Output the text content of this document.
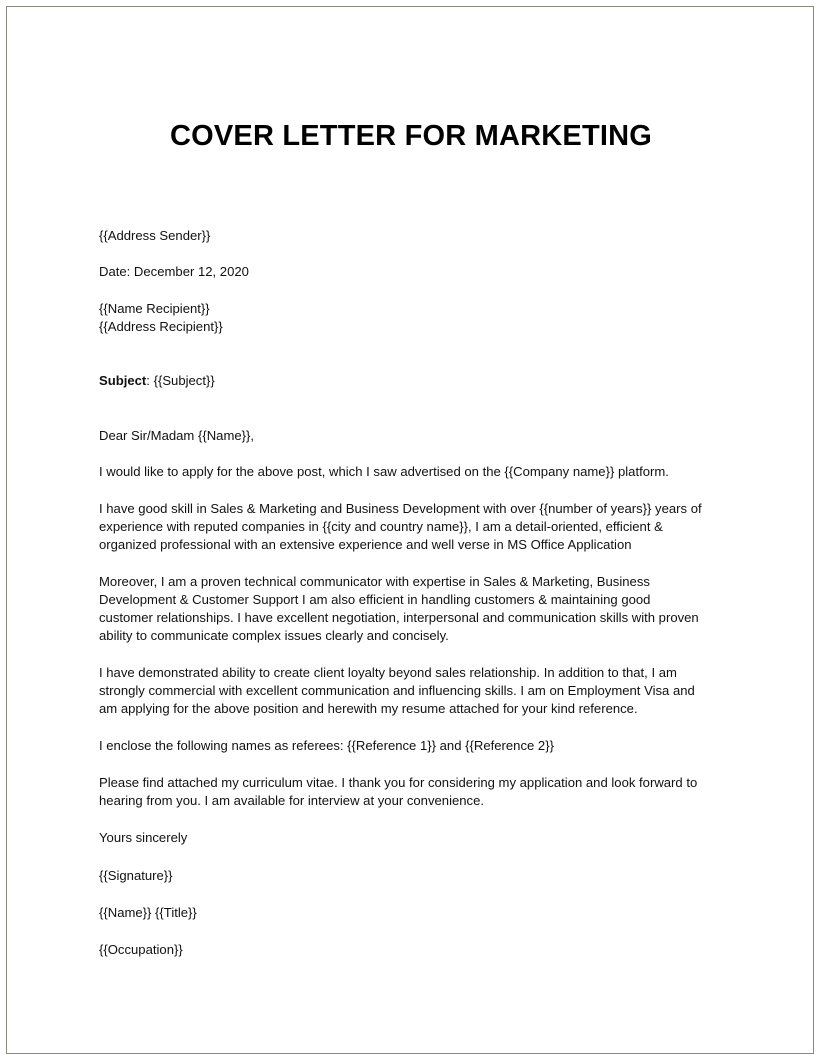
COVER LETTER FOR MARKETING
{{Address Sender}}
Date: December 12, 2020
{{Name Recipient}}
{{Address Recipient}}
Subject: {{Subject}}
Dear Sir/Madam {{Name}},
I would like to apply for the above post, which I saw advertised on the {{Company name}} platform.
I have good skill in Sales & Marketing and Business Development with over {{number of years}} years of
experience with reputed companies in {{city and country name}}, I am a detail-oriented, efficient &
organized professional with an extensive experience and well verse in MS Office Application
Moreover, I am a proven technical communicator with expertise in Sales & Marketing, Business
Development & Customer Support I am also efficient in handling customers & maintaining good
customer relationships. I have excellent negotiation, interpersonal and communication skills with proven
ability to communicate complex issues clearly and concisely.
I have demonstrated ability to create client loyalty beyond sales relationship. In addition to that, I am
strongly commercial with excellent communication and influencing skills. I am on Employment Visa and
am applying for the above position and herewith my resume attached for your kind reference.
I enclose the following names as referees: {{Reference 1}} and {{Reference 2}}
Please find attached my curriculum vitae. I thank you for considering my application and look forward to
hearing from you. I am available for interview at your convenience.
Yours sincerely
{{Signature}}
{{Name}} {{Title}}
{{Occupation}}
